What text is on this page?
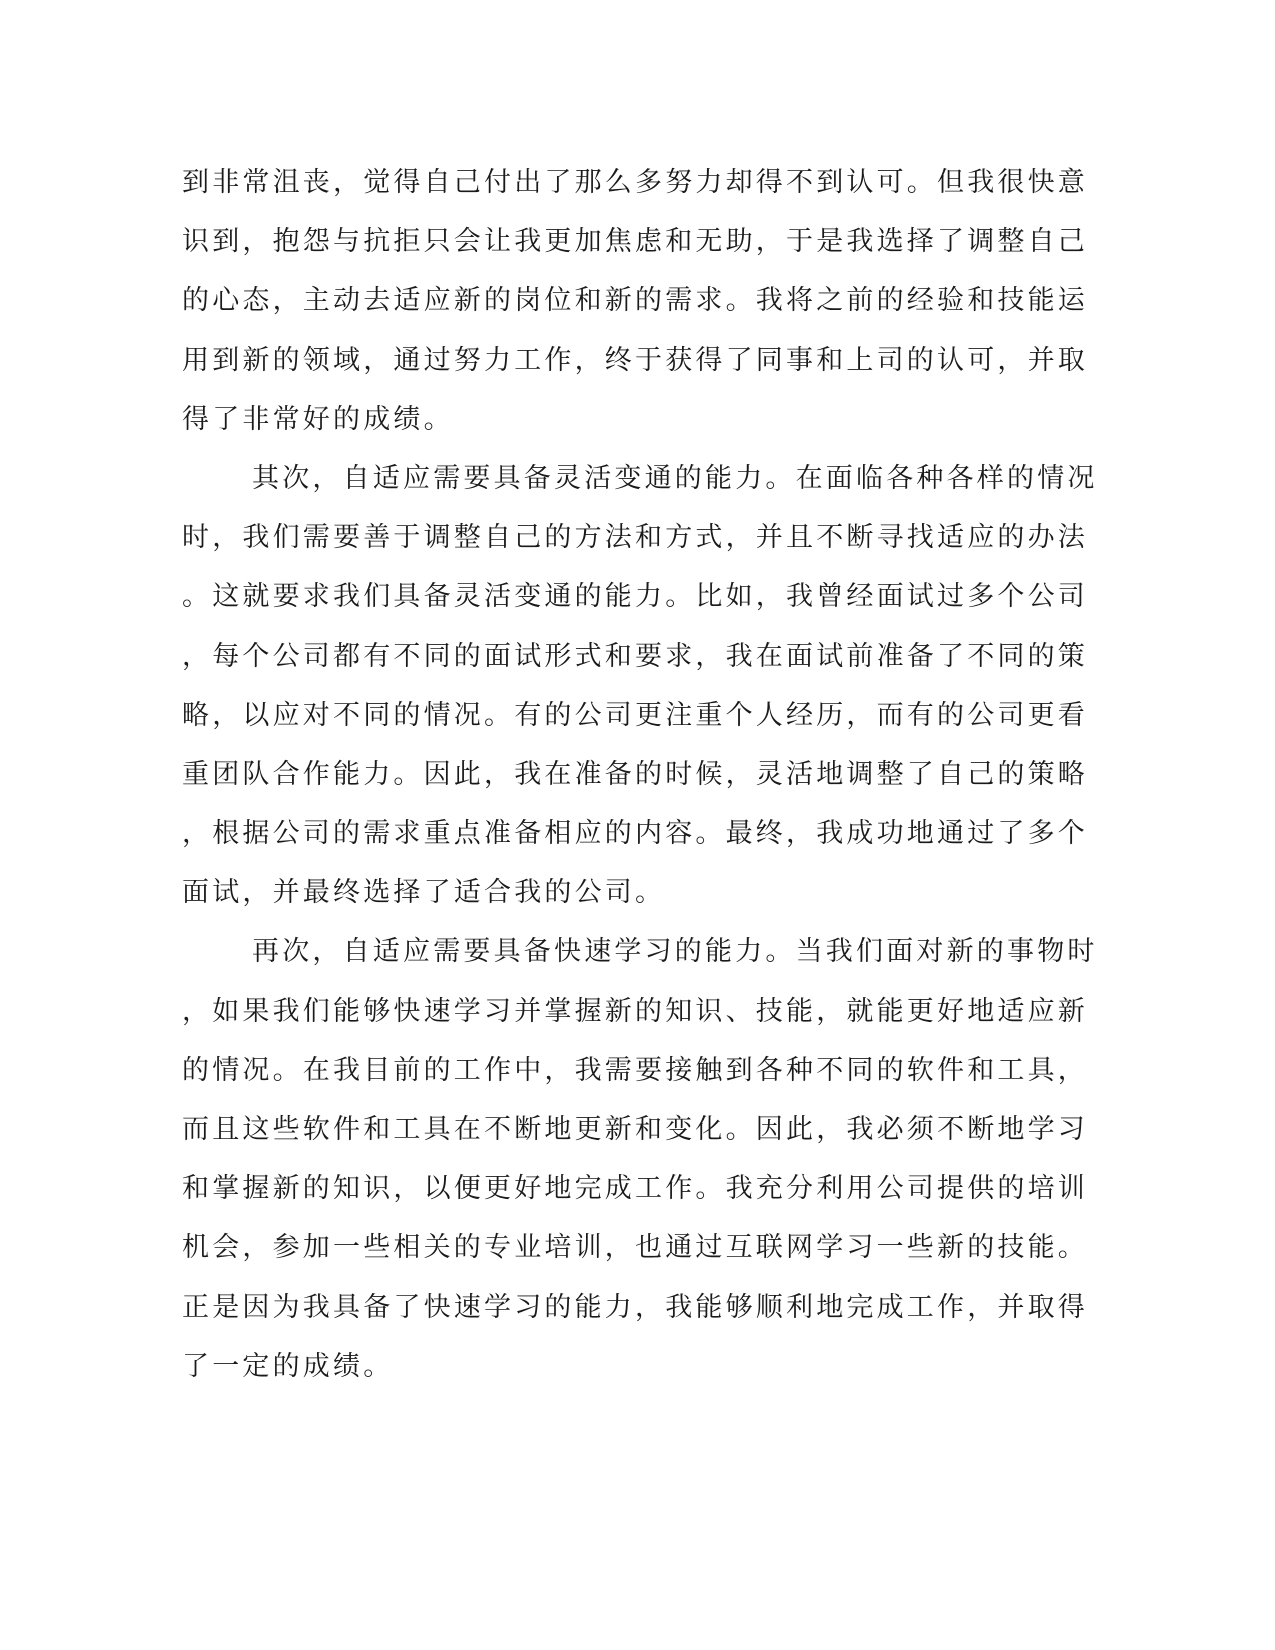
到非常沮丧，觉得自己付出了那么多努力却得不到认可。但我很快意
识到，抱怨与抗拒只会让我更加焦虑和无助，于是我选择了调整自己
的心态，主动去适应新的岗位和新的需求。我将之前的经验和技能运
用到新的领域，通过努力工作，终于获得了同事和上司的认可，并取
得了非常好的成绩。
其次，自适应需要具备灵活变通的能力。在面临各种各样的情况
时，我们需要善于调整自己的方法和方式，并且不断寻找适应的办法
。这就要求我们具备灵活变通的能力。比如，我曾经面试过多个公司
，每个公司都有不同的面试形式和要求，我在面试前准备了不同的策
略，以应对不同的情况。有的公司更注重个人经历，而有的公司更看
重团队合作能力。因此，我在准备的时候，灵活地调整了自己的策略
，根据公司的需求重点准备相应的内容。最终，我成功地通过了多个
面试，并最终选择了适合我的公司。
再次，自适应需要具备快速学习的能力。当我们面对新的事物时
，如果我们能够快速学习并掌握新的知识、技能，就能更好地适应新
的情况。在我目前的工作中，我需要接触到各种不同的软件和工具，
而且这些软件和工具在不断地更新和变化。因此，我必须不断地学习
和掌握新的知识，以便更好地完成工作。我充分利用公司提供的培训
机会，参加一些相关的专业培训，也通过互联网学习一些新的技能。
正是因为我具备了快速学习的能力，我能够顺利地完成工作，并取得
了一定的成绩。
